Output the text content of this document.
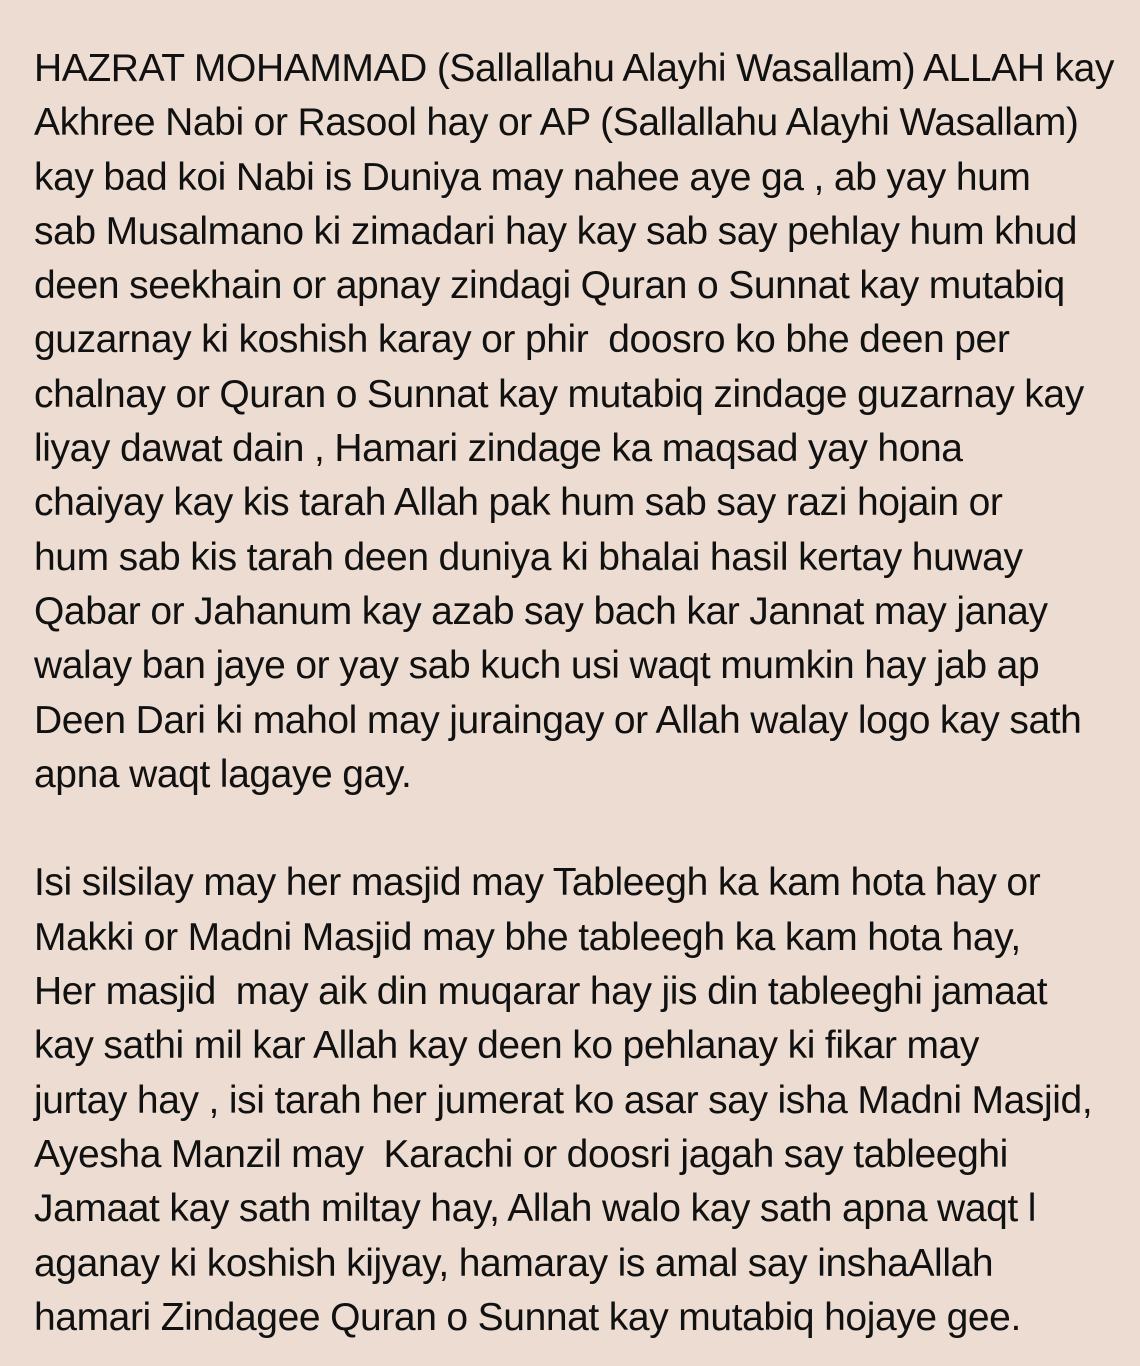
HAZRAT MOHAMMAD (Sallallahu Alayhi Wasallam) ALLAH kay
Akhree Nabi or Rasool hay or AP (Sallallahu Alayhi Wasallam)
kay bad koi Nabi is Duniya may nahee aye ga , ab yay hum
sab Musalmano ki zimadari hay kay sab say pehlay hum khud
deen seekhain or apnay zindagi Quran o Sunnat kay mutabiq
guzarnay ki koshish karay or phir  doosro ko bhe deen per
chalnay or Quran o Sunnat kay mutabiq zindage guzarnay kay
liyay dawat dain , Hamari zindage ka maqsad yay hona
chaiyay kay kis tarah Allah pak hum sab say razi hojain or
hum sab kis tarah deen duniya ki bhalai hasil kertay huway
Qabar or Jahanum kay azab say bach kar Jannat may janay
walay ban jaye or yay sab kuch usi waqt mumkin hay jab ap
Deen Dari ki mahol may juraingay or Allah walay logo kay sath
apna waqt lagaye gay.

Isi silsilay may her masjid may Tableegh ka kam hota hay or
Makki or Madni Masjid may bhe tableegh ka kam hota hay,
Her masjid  may aik din muqarar hay jis din tableeghi jamaat
kay sathi mil kar Allah kay deen ko pehlanay ki fikar may
jurtay hay , isi tarah her jumerat ko asar say isha Madni Masjid,
Ayesha Manzil may  Karachi or doosri jagah say tableeghi
Jamaat kay sath miltay hay, Allah walo kay sath apna waqt l
aganay ki koshish kijyay, hamaray is amal say inshaAllah
hamari Zindagee Quran o Sunnat kay mutabiq hojaye gee.
